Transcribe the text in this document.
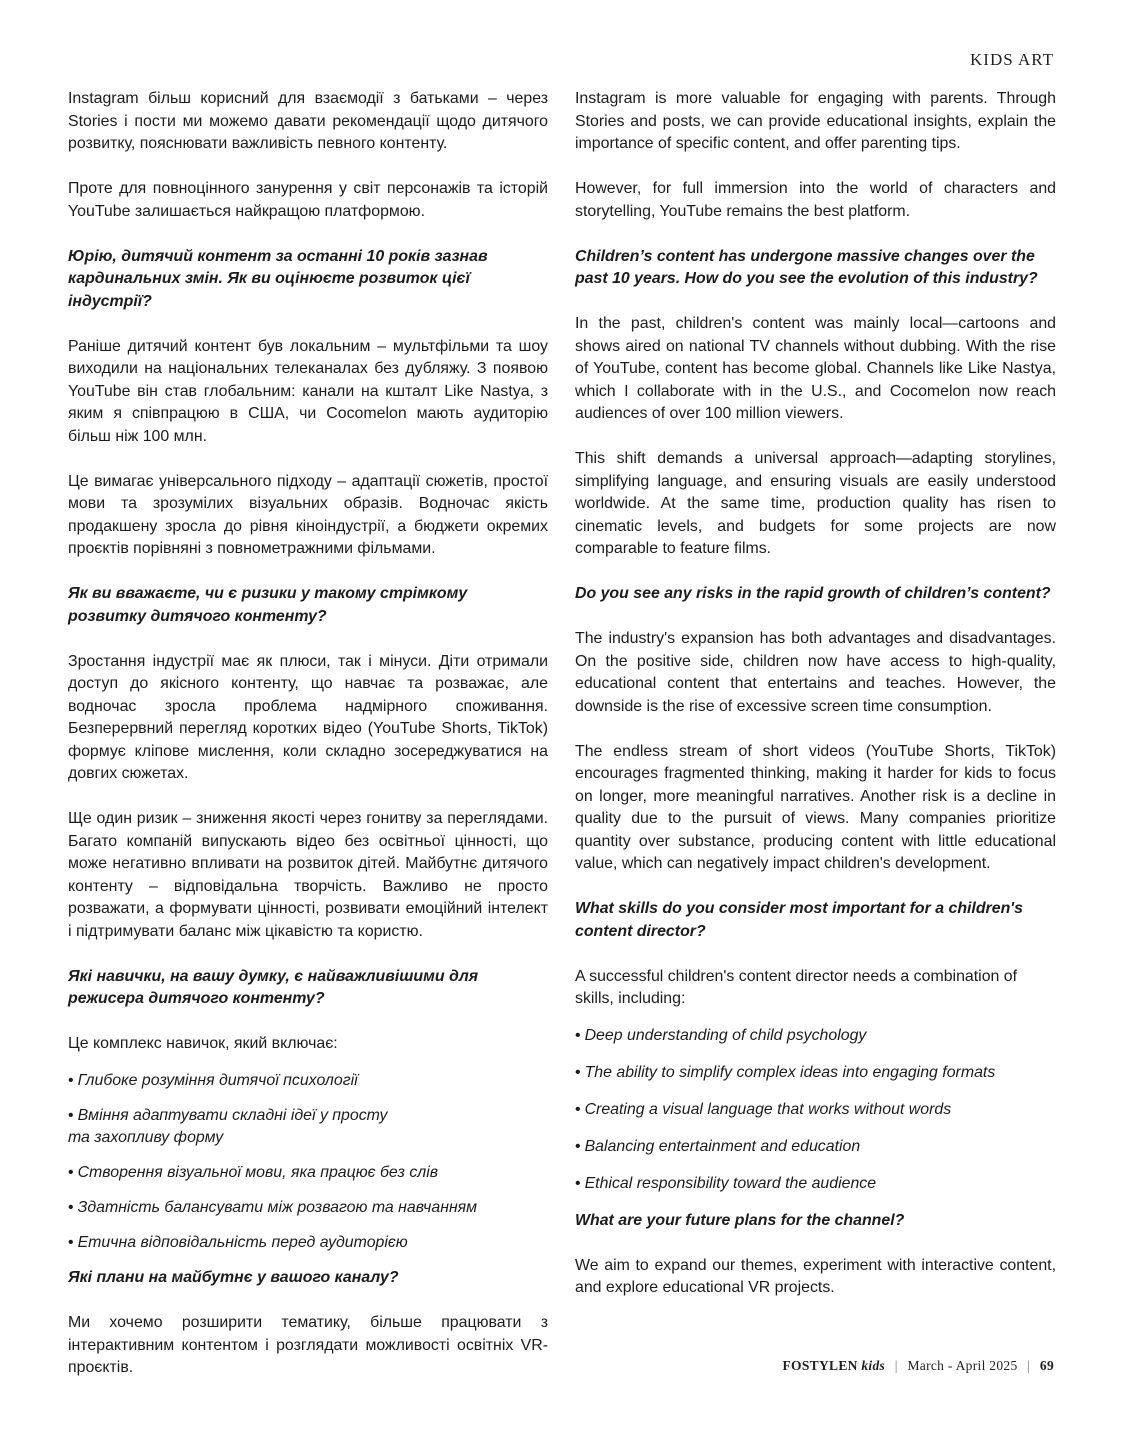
KIDS ART

Instagram більш корисний для взаємодії з батьками – через Stories і пости ми можемо давати рекомендації щодо дитячого розвитку, пояснювати важливість певного контенту.

Проте для повноцінного занурення у світ персонажів та історій YouTube залишається найкращою платформою.

Юрію, дитячий контент за останні 10 років зазнав кардинальних змін. Як ви оцінюєте розвиток цієї індустрії?

Раніше дитячий контент був локальним – мультфільми та шоу виходили на національних телеканалах без дубляжу. З появою YouTube він став глобальним: канали на кшталт Like Nastya, з яким я співпрацюю в США, чи Cocomelon мають аудиторію більш ніж 100 млн.

Це вимагає універсального підходу – адаптації сюжетів, простої мови та зрозумілих візуальних образів. Водночас якість продакшену зросла до рівня кіноіндустрії, а бюджети окремих проєктів порівняні з повнометражними фільмами.

Як ви вважаєте, чи є ризики у такому стрімкому розвитку дитячого контенту?

Зростання індустрії має як плюси, так і мінуси. Діти отримали доступ до якісного контенту, що навчає та розважає, але водночас зросла проблема надмірного споживання. Безперервний перегляд коротких відео (YouTube Shorts, TikTok) формує кліпове мислення, коли складно зосереджуватися на довгих сюжетах.

Ще один ризик – зниження якості через гонитву за переглядами. Багато компаній випускають відео без освітньої цінності, що може негативно впливати на розвиток дітей. Майбутнє дитячого контенту – відповідальна творчість. Важливо не просто розважати, а формувати цінності, розвивати емоційний інтелект і підтримувати баланс між цікавістю та користю.

Які навички, на вашу думку, є найважливішими для режисера дитячого контенту?

Це комплекс навичок, який включає:

• Глибоке розуміння дитячої психології
• Вміння адаптувати складні ідеї у просту та захопливу форму
• Створення візуальної мови, яка працює без слів
• Здатність балансувати між розвагою та навчанням
• Етична відповідальність перед аудиторією

Які плани на майбутнє у вашого каналу?

Ми хочемо розширити тематику, більше працювати з інтерактивним контентом і розглядати можливості освітніх VR-проєктів.

Instagram is more valuable for engaging with parents. Through Stories and posts, we can provide educational insights, explain the importance of specific content, and offer parenting tips.

However, for full immersion into the world of characters and storytelling, YouTube remains the best platform.

Children’s content has undergone massive changes over the past 10 years. How do you see the evolution of this industry?

In the past, children's content was mainly local—cartoons and shows aired on national TV channels without dubbing. With the rise of YouTube, content has become global. Channels like Like Nastya, which I collaborate with in the U.S., and Cocomelon now reach audiences of over 100 million viewers.

This shift demands a universal approach—adapting storylines, simplifying language, and ensuring visuals are easily understood worldwide. At the same time, production quality has risen to cinematic levels, and budgets for some projects are now comparable to feature films.

Do you see any risks in the rapid growth of children’s content?

The industry's expansion has both advantages and disadvantages. On the positive side, children now have access to high-quality, educational content that entertains and teaches. However, the downside is the rise of excessive screen time consumption.

The endless stream of short videos (YouTube Shorts, TikTok) encourages fragmented thinking, making it harder for kids to focus on longer, more meaningful narratives. Another risk is a decline in quality due to the pursuit of views. Many companies prioritize quantity over substance, producing content with little educational value, which can negatively impact children's development.

What skills do you consider most important for a children's content director?

A successful children's content director needs a combination of skills, including:

• Deep understanding of child psychology
• The ability to simplify complex ideas into engaging formats
• Creating a visual language that works without words
• Balancing entertainment and education
• Ethical responsibility toward the audience

What are your future plans for the channel?

We aim to expand our themes, experiment with interactive content, and explore educational VR projects.

FOSTYLEN kids | March - April 2025 | 69
